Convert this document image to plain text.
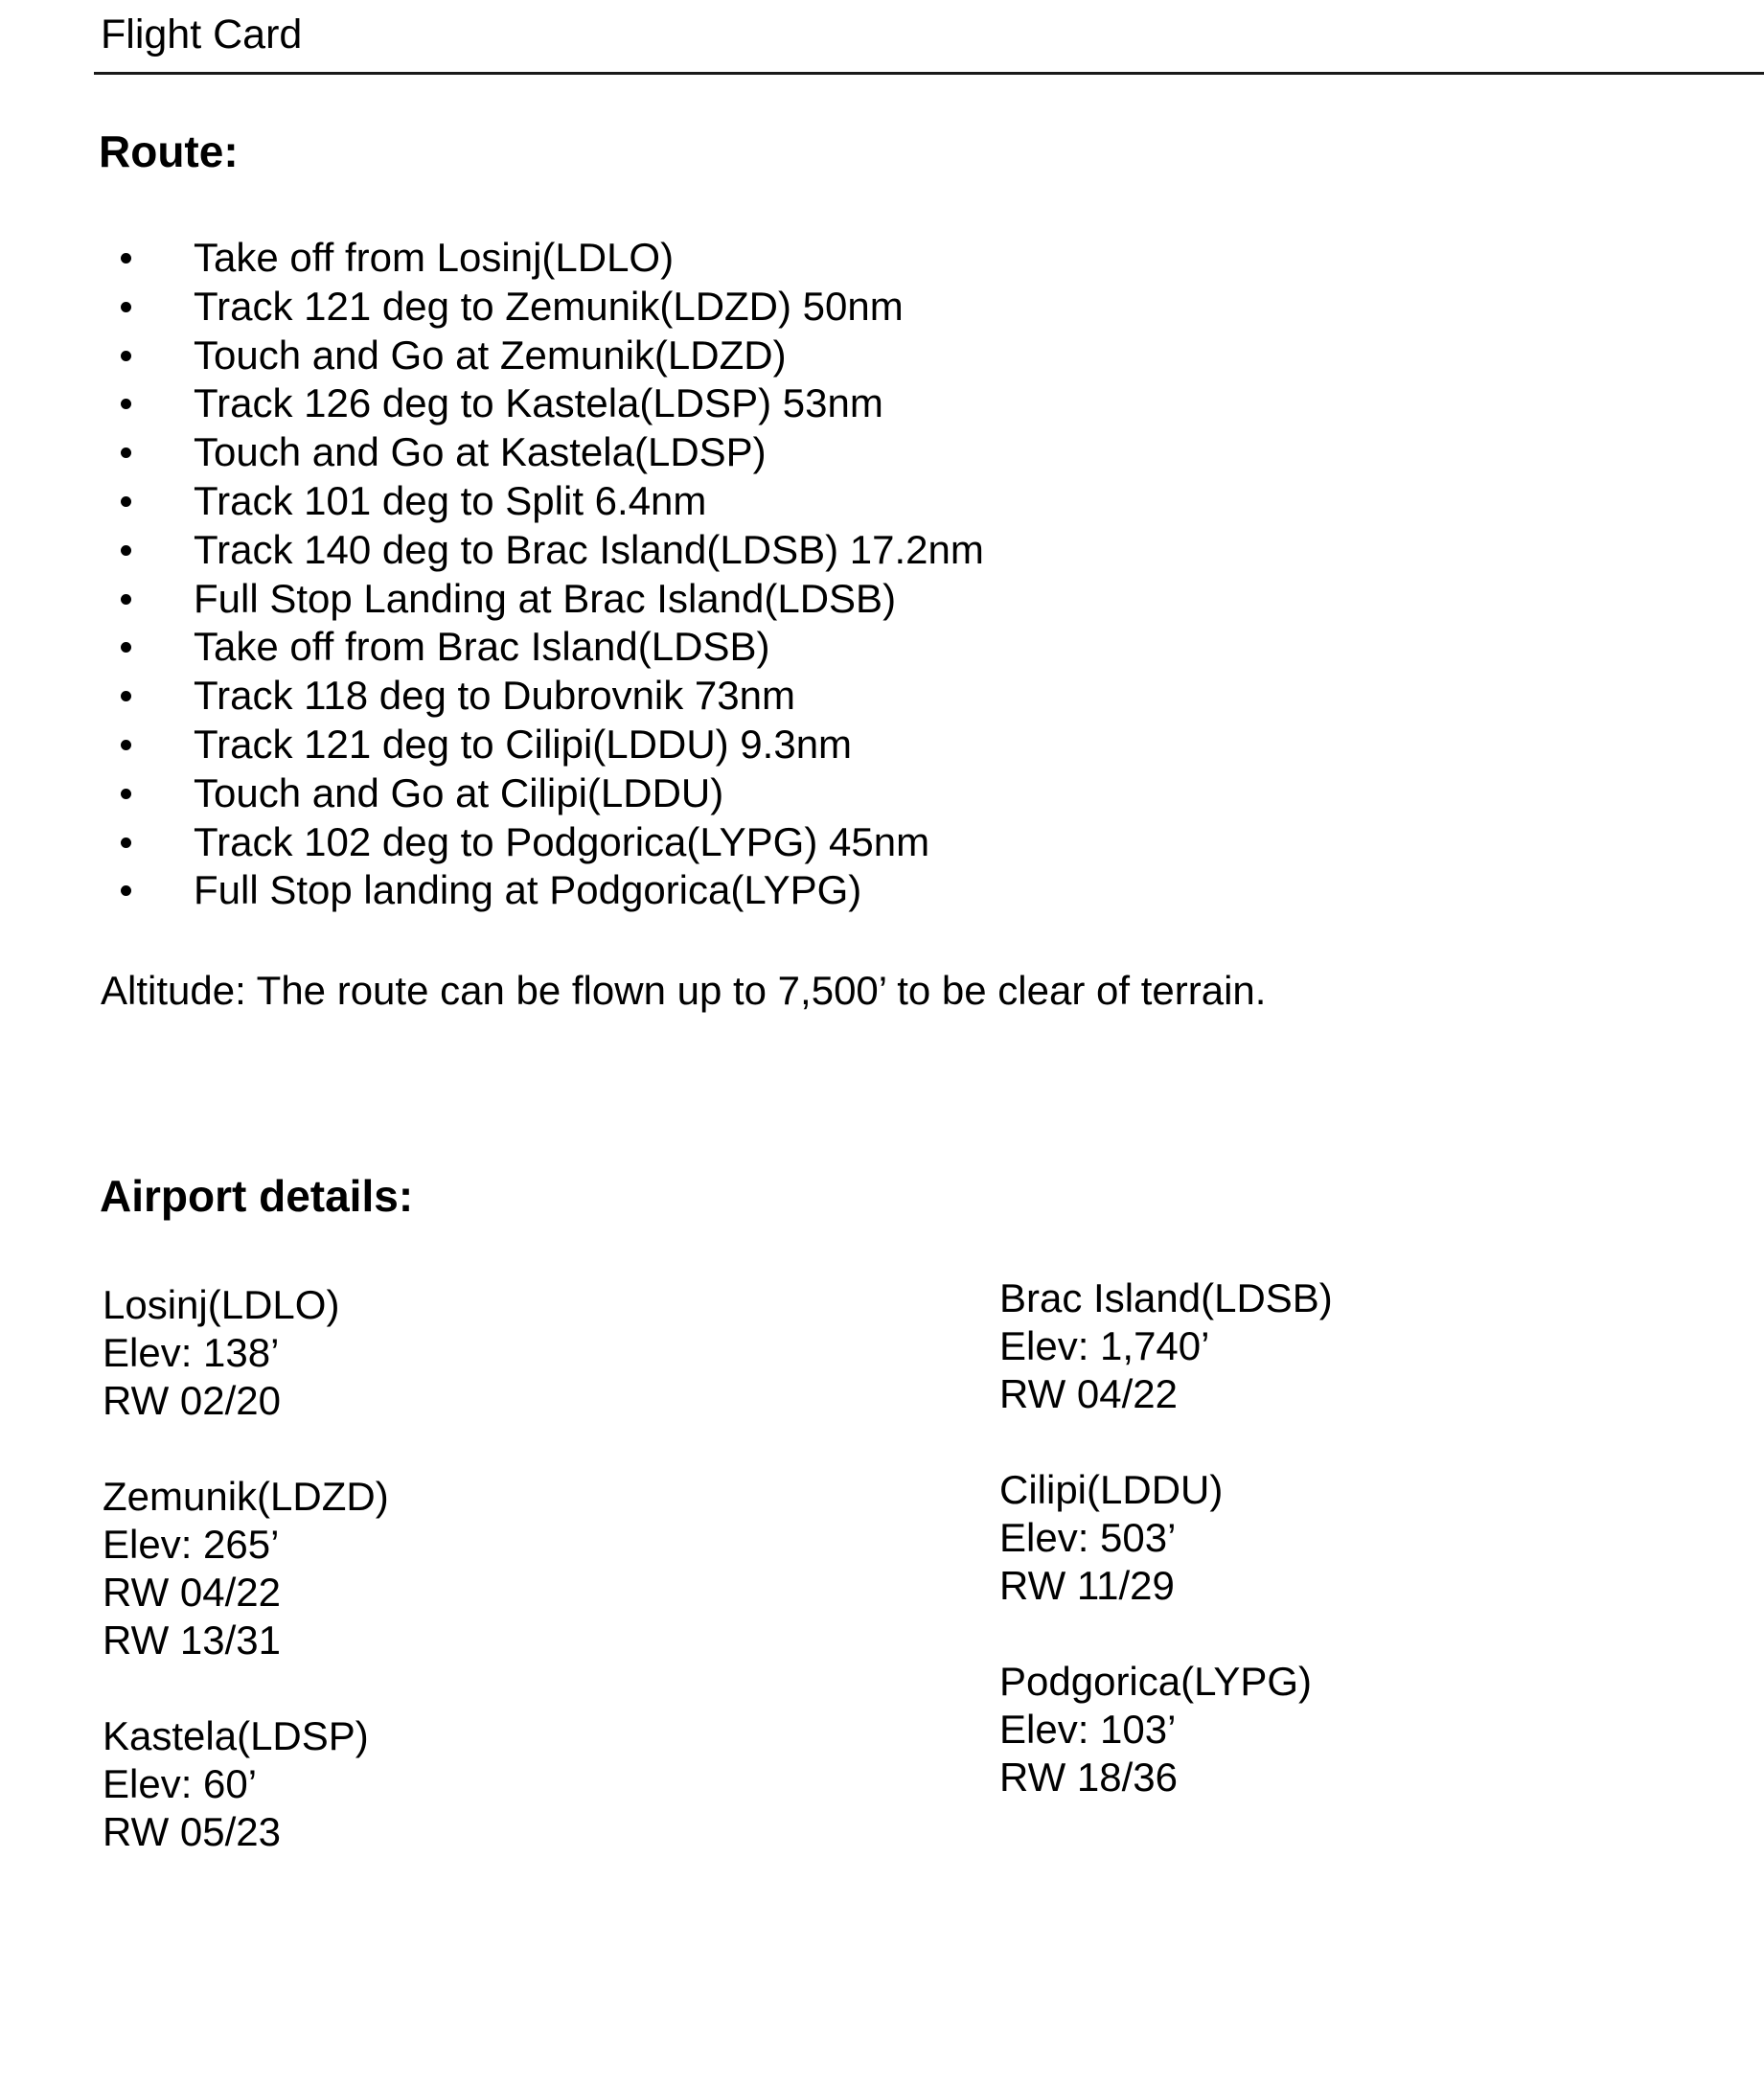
Flight Card
Route:
Take off from Losinj(LDLO)
Track 121 deg to Zemunik(LDZD) 50nm
Touch and Go at Zemunik(LDZD)
Track 126 deg to Kastela(LDSP) 53nm
Touch and Go at Kastela(LDSP)
Track 101 deg to Split 6.4nm
Track 140 deg to Brac Island(LDSB) 17.2nm
Full Stop Landing at Brac Island(LDSB)
Take off from Brac Island(LDSB)
Track 118 deg to Dubrovnik 73nm
Track 121 deg to Cilipi(LDDU) 9.3nm
Touch and Go at Cilipi(LDDU)
Track 102 deg to Podgorica(LYPG) 45nm
Full Stop landing at Podgorica(LYPG)
Altitude: The route can be flown up to 7,500’ to be clear of terrain.
Airport details:
Losinj(LDLO)
Elev: 138’
RW 02/20
Zemunik(LDZD)
Elev: 265’
RW 04/22
RW 13/31
Kastela(LDSP)
Elev: 60’
RW 05/23
Brac Island(LDSB)
Elev: 1,740’
RW 04/22
Cilipi(LDDU)
Elev: 503’
RW 11/29
Podgorica(LYPG)
Elev: 103’
RW 18/36
